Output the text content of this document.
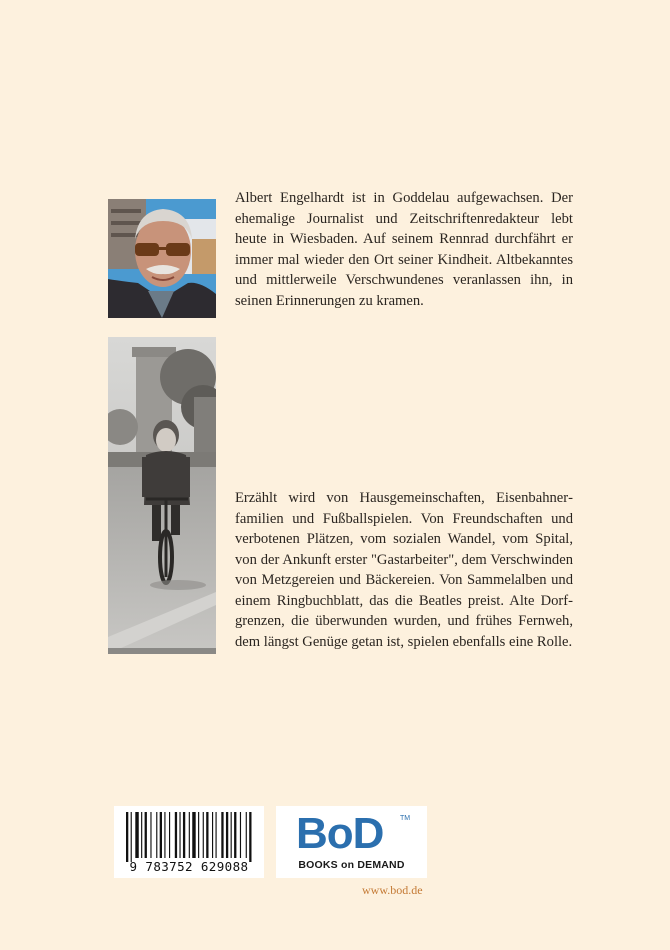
Albert Engelhardt ist in Goddelau aufgewachsen. Der ehemalige Journalist und Zeitschriftenredakteur lebt heute in Wiesbaden. Auf seinem Rennrad durchfährt er immer mal wieder den Ort seiner Kindheit. Altbekanntes und mittlerweile Verschwundenes veranlassen ihn, in seinen Erinnerungen zu kramen.

Erzählt wird von Hausgemeinschaften, Eisenbahnerfamilien und Fußballspielen. Von Freundschaften und verbotenen Plätzen, vom sozialen Wandel, vom Spital, von der Ankunft erster "Gastarbeiter", dem Verschwinden von Metzgereien und Bäckereien. Von Sammelalben und einem Ringbuchblatt, das die Beatles preist. Alte Dorfgrenzen, die überwunden wurden, und frühes Fernweh, dem längst Genüge getan ist, spielen ebenfalls eine Rolle.

9 783752 629088
BoD TM
BOOKS on DEMAND
www.bod.de
